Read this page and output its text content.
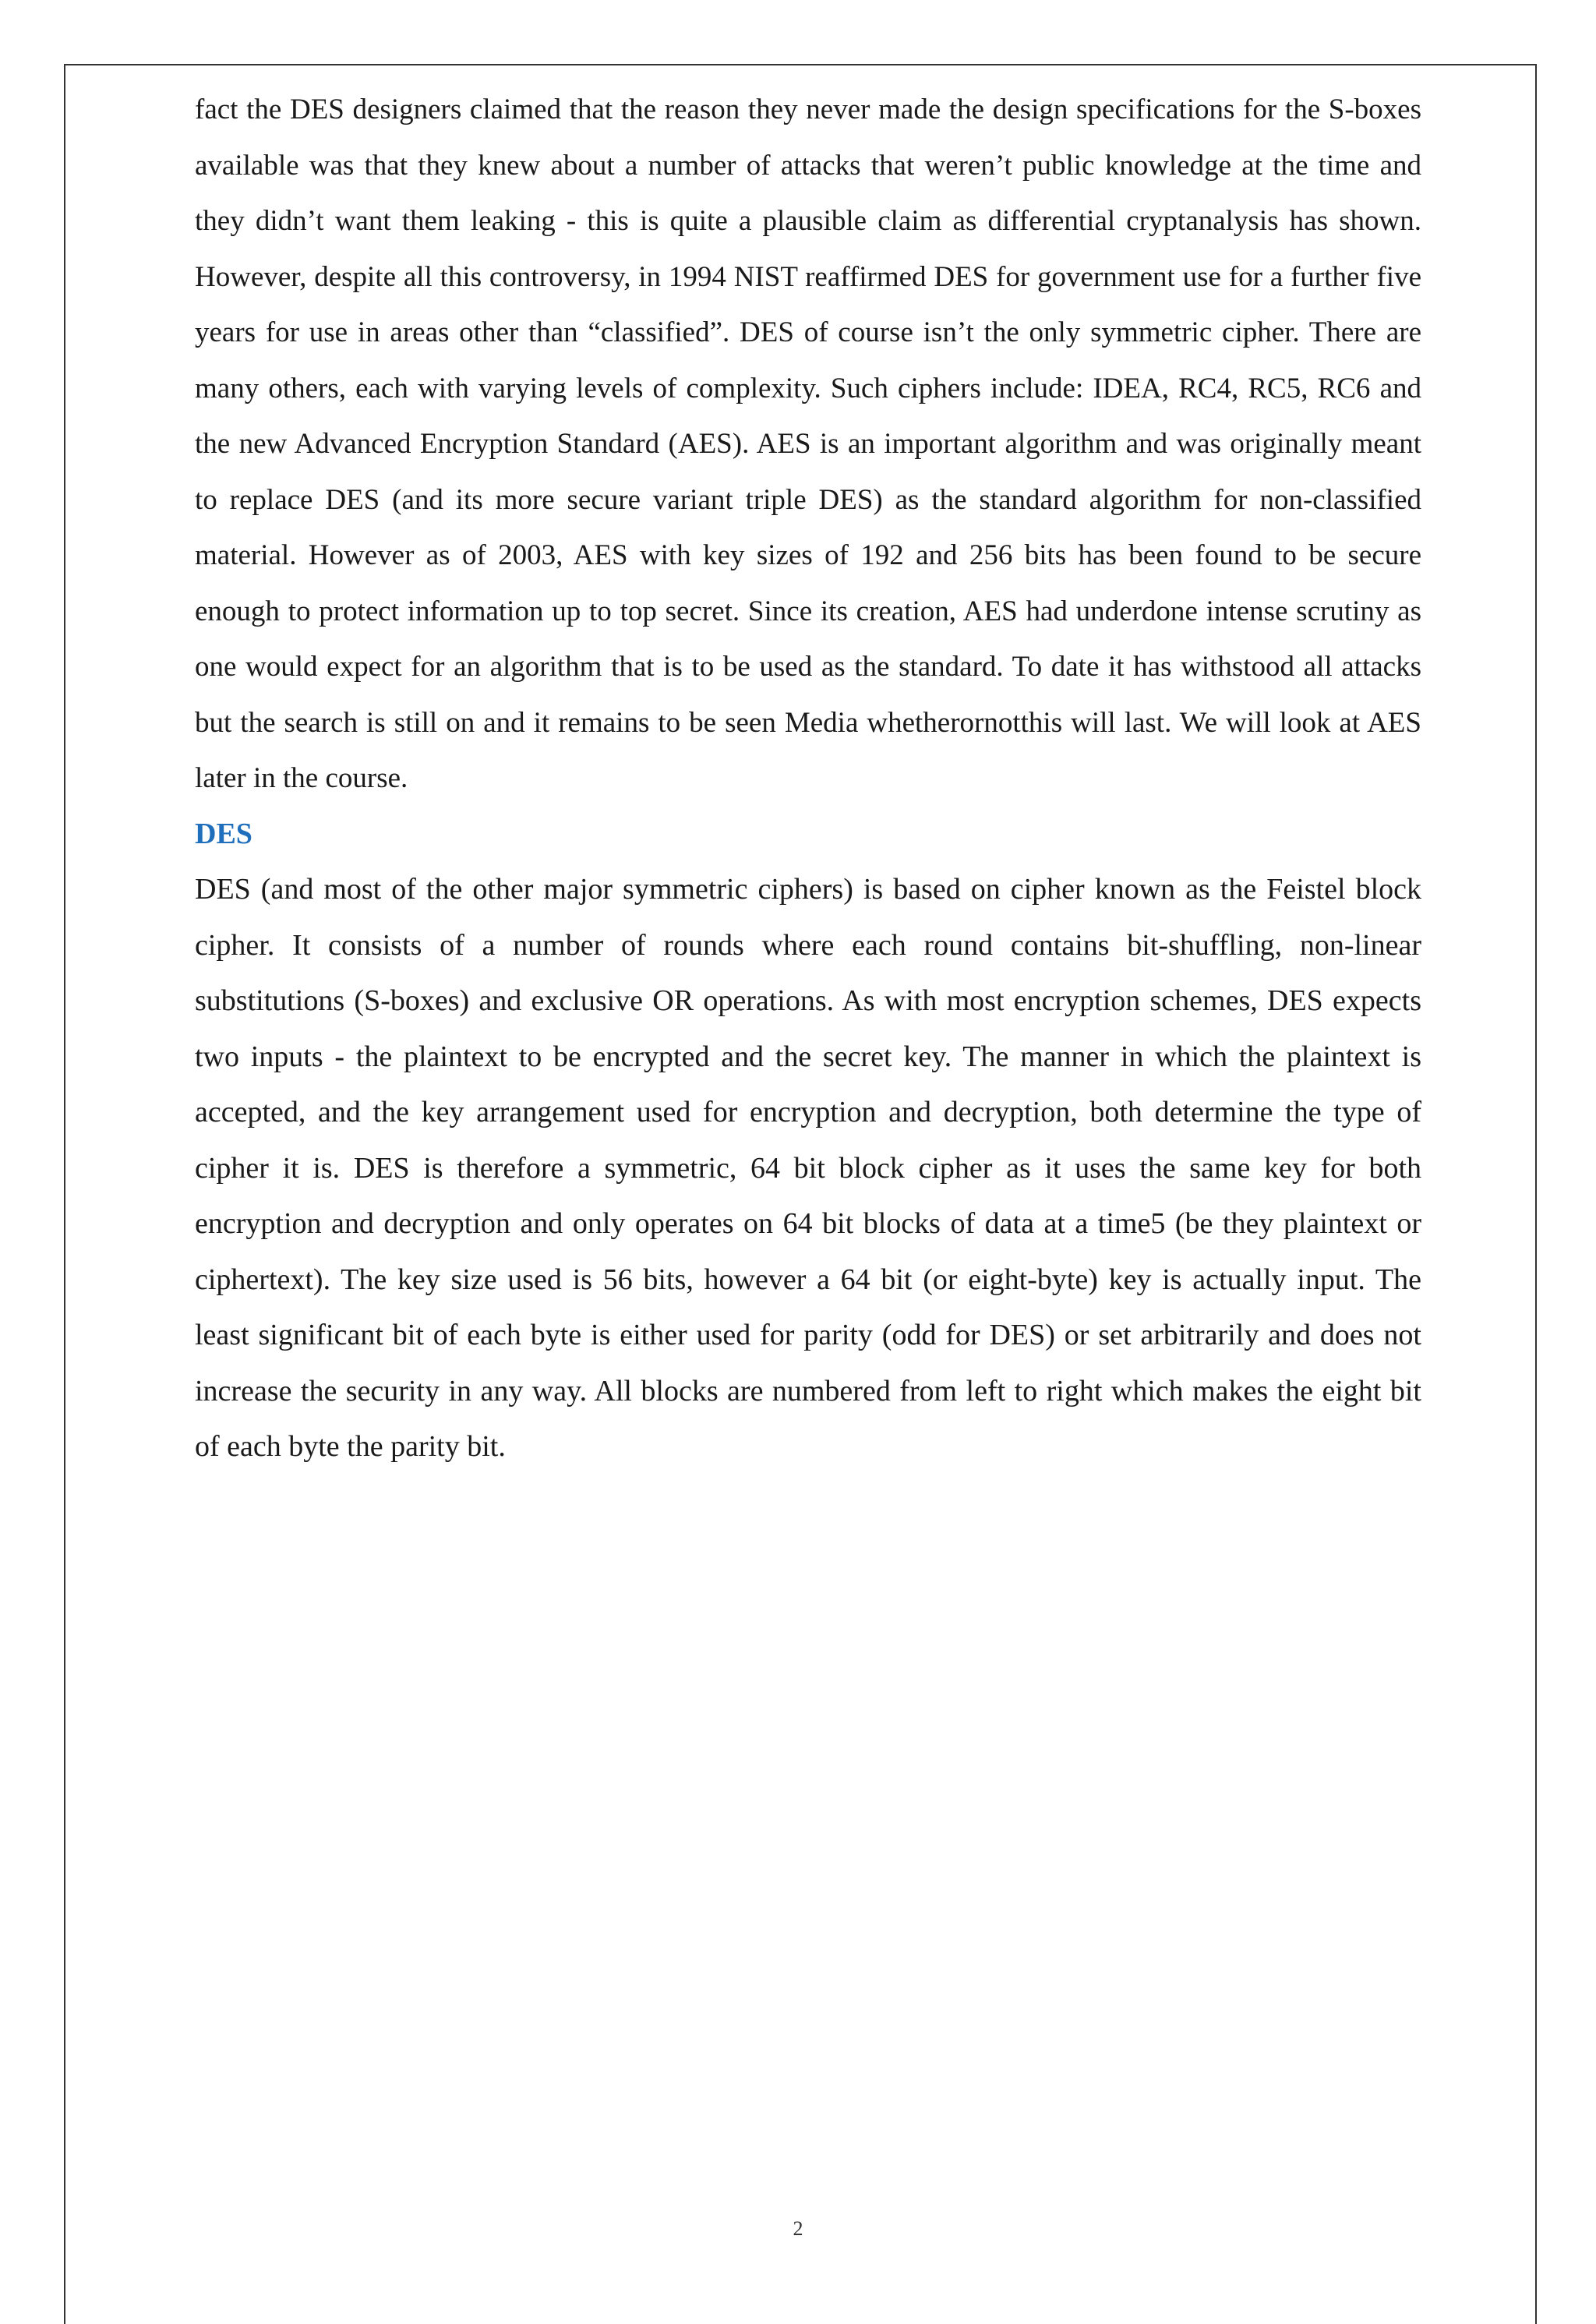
fact the DES designers claimed that the reason they never made the design specifications for the S-boxes available was that they knew about a number of attacks that weren’t public knowledge at the time and they didn’t want them leaking - this is quite a plausible claim as differential cryptanalysis has shown. However, despite all this controversy, in 1994 NIST reaffirmed DES for government use for a further five years for use in areas other than “classified”. DES of course isn’t the only symmetric cipher. There are many others, each with varying levels of complexity. Such ciphers include: IDEA, RC4, RC5, RC6 and the new Advanced Encryption Standard (AES). AES is an important algorithm and was originally meant to replace DES (and its more secure variant triple DES) as the standard algorithm for non-classified material. However as of 2003, AES with key sizes of 192 and 256 bits has been found to be secure enough to protect information up to top secret. Since its creation, AES had underdone intense scrutiny as one would expect for an algorithm that is to be used as the standard. To date it has withstood all attacks but the search is still on and it remains to be seen Media whetherornotthis will last. We will look at AES later in the course.

DES

DES (and most of the other major symmetric ciphers) is based on cipher known as the Feistel block cipher. It consists of a number of rounds where each round contains bit-shuffling, non-linear substitutions (S-boxes) and exclusive OR operations. As with most encryption schemes, DES expects two inputs - the plaintext to be encrypted and the secret key. The manner in which the plaintext is accepted, and the key arrangement used for encryption and decryption, both determine the type of cipher it is. DES is therefore a symmetric, 64 bit block cipher as it uses the same key for both encryption and decryption and only operates on 64 bit blocks of data at a time5 (be they plaintext or ciphertext). The key size used is 56 bits, however a 64 bit (or eight-byte) key is actually input. The least significant bit of each byte is either used for parity (odd for DES) or set arbitrarily and does not increase the security in any way. All blocks are numbered from left to right which makes the eight bit of each byte the parity bit.

2
